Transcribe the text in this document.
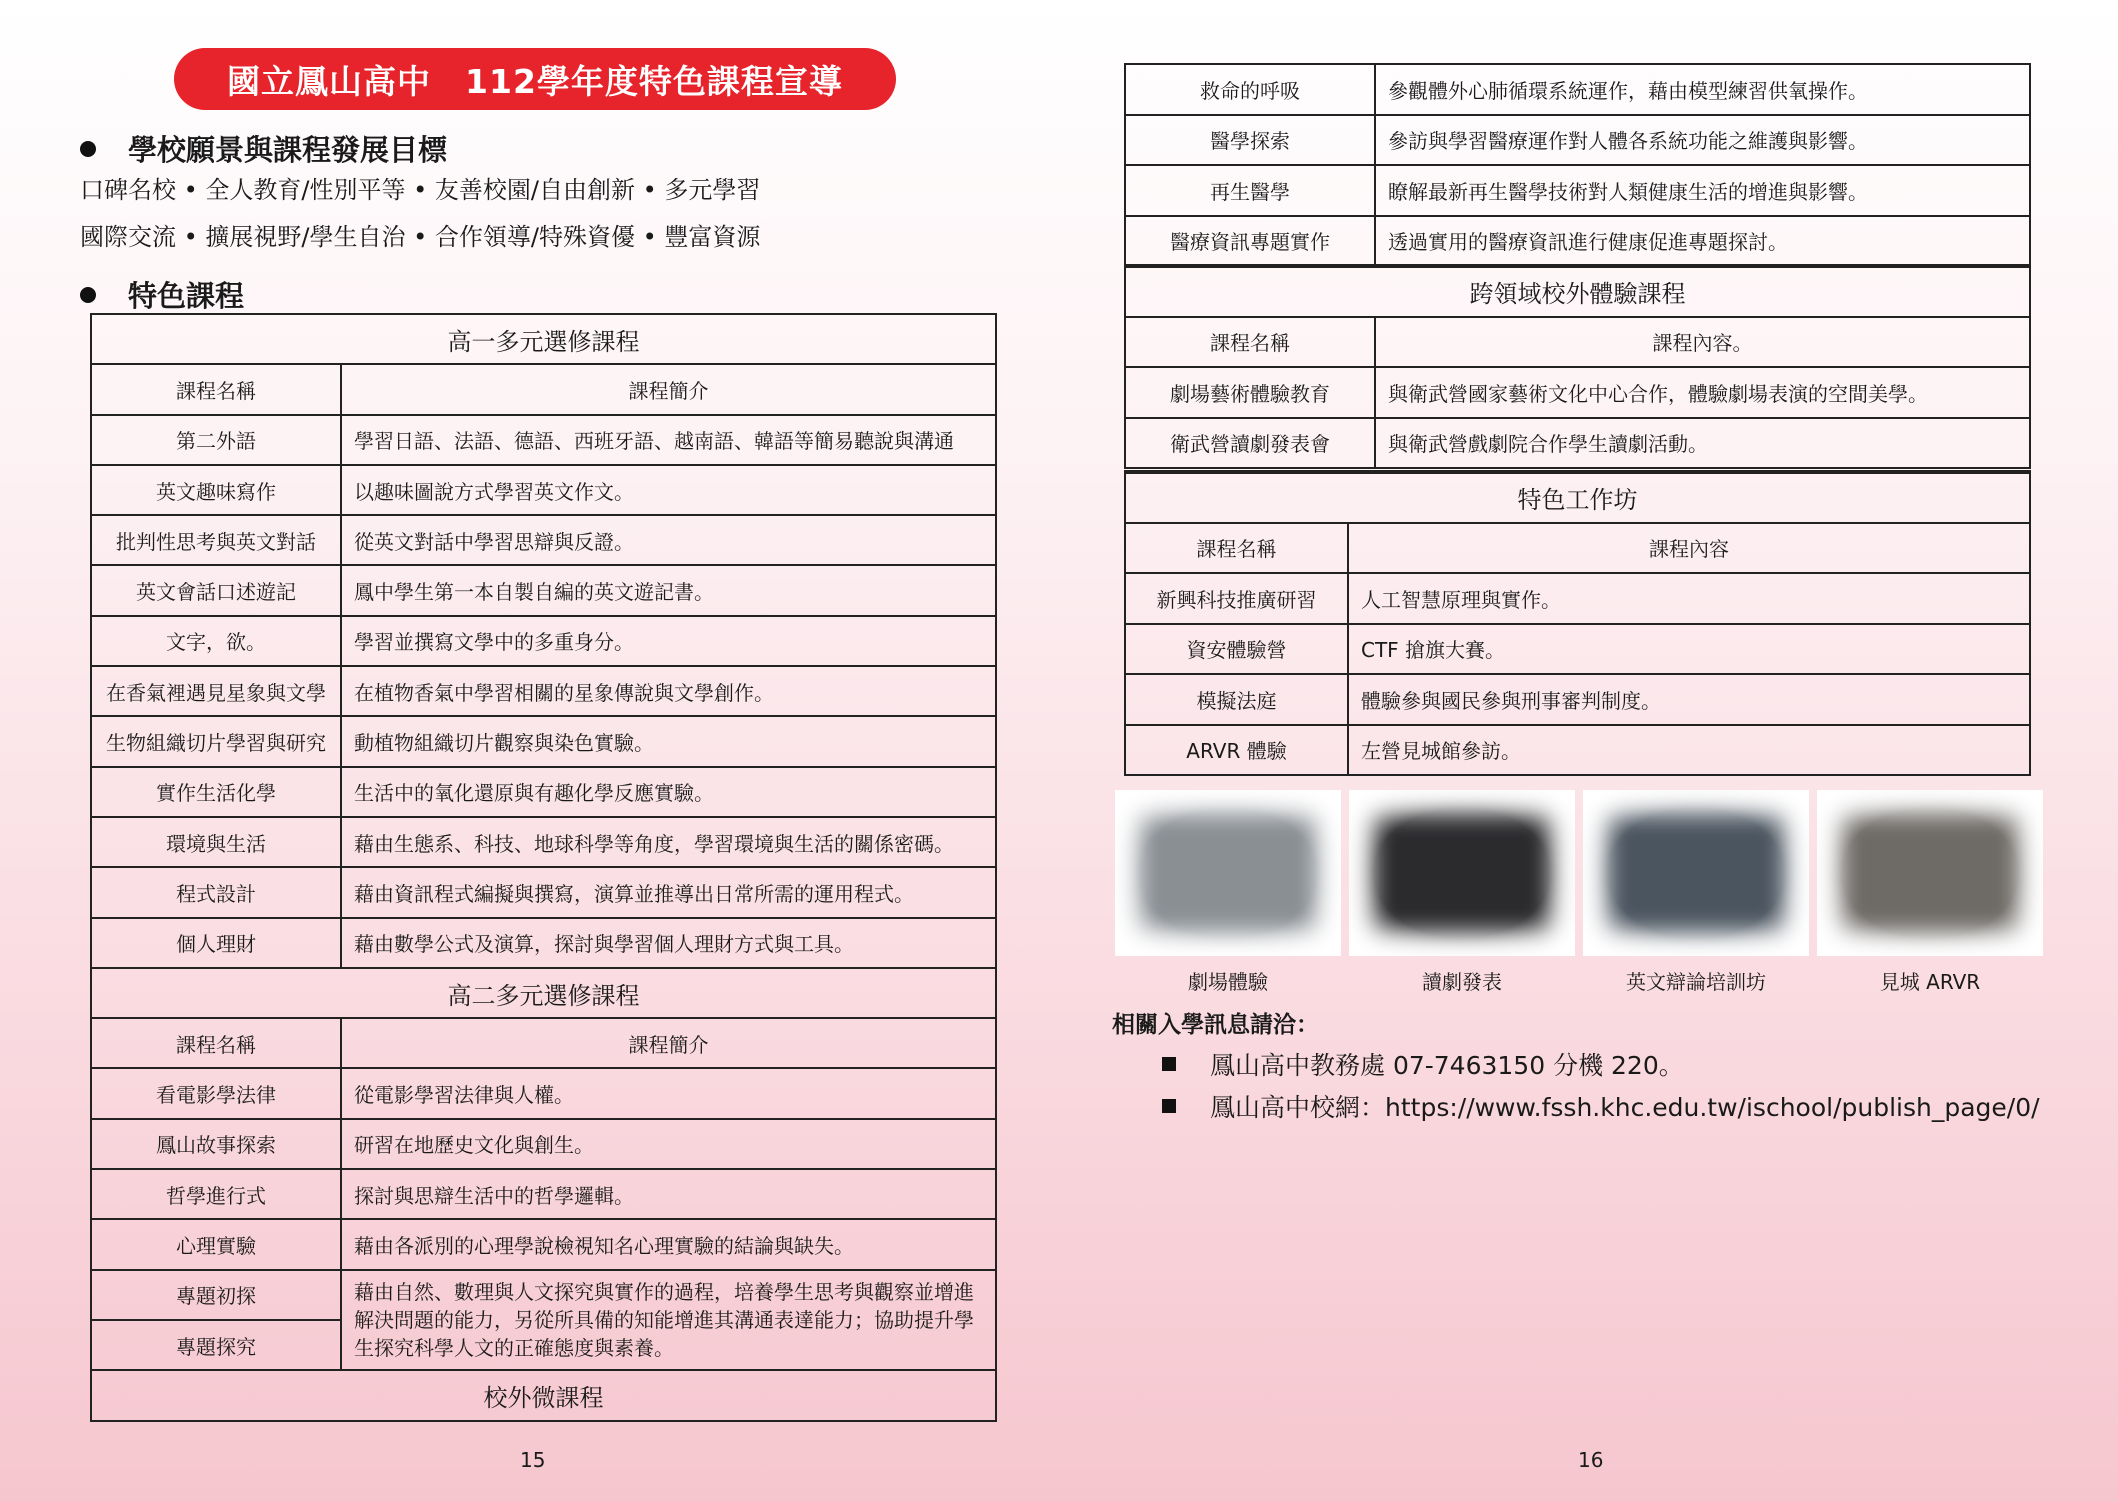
國立鳳山高中　112學年度特色課程宣導
學校願景與課程發展目標
口碑名校 • 全人教育/性別平等 • 友善校園/自由創新 • 多元學習
國際交流 • 擴展視野/學生自治 • 合作領導/特殊資優 • 豐富資源
特色課程
高一多元選修課程	
課程名稱	課程簡介
第二外語	學習日語、法語、德語、西班牙語、越南語、韓語等簡易聽說與溝通
英文趣味寫作	以趣味圖說方式學習英文作文。
批判性思考與英文對話	從英文對話中學習思辯與反證。
英文會話口述遊記	鳳中學生第一本自製自編的英文遊記書。
文字，欲。	學習並撰寫文學中的多重身分。
在香氣裡遇見星象與文學	在植物香氣中學習相關的星象傳說與文學創作。
生物組織切片學習與研究	動植物組織切片觀察與染色實驗。
實作生活化學	生活中的氧化還原與有趣化學反應實驗。
環境與生活	藉由生態系、科技、地球科學等角度，學習環境與生活的關係密碼。
程式設計	藉由資訊程式編擬與撰寫，演算並推導出日常所需的運用程式。
個人理財	藉由數學公式及演算，探討與學習個人理財方式與工具。
高二多元選修課程	
課程名稱	課程簡介
看電影學法律	從電影學習法律與人權。
鳳山故事探索	研習在地歷史文化與創生。
哲學進行式	探討與思辯生活中的哲學邏輯。
心理實驗	藉由各派別的心理學說檢視知名心理實驗的結論與缺失。
專題初探	藉由自然、數理與人文探究與實作的過程，培養學生思考與觀察並增進解決問題的能力，另從所具備的知能增進其溝通表達能力；協助提升學生探究科學人文的正確態度與素養。
專題探究	
校外微課程	
15
救命的呼吸	參觀體外心肺循環系統運作，藉由模型練習供氧操作。
醫學探索	參訪與學習醫療運作對人體各系統功能之維護與影響。
再生醫學	瞭解最新再生醫學技術對人類健康生活的增進與影響。
醫療資訊專題實作	透過實用的醫療資訊進行健康促進專題探討。
跨領域校外體驗課程	
課程名稱	課程內容。
劇場藝術體驗教育	與衛武營國家藝術文化中心合作，體驗劇場表演的空間美學。
衛武營讀劇發表會	與衛武營戲劇院合作學生讀劇活動。
特色工作坊	
課程名稱	課程內容
新興科技推廣研習	人工智慧原理與實作。
資安體驗營	CTF 搶旗大賽。
模擬法庭	體驗參與國民參與刑事審判制度。
ARVR 體驗	左營見城館參訪。
劇場體驗	讀劇發表	英文辯論培訓坊	見城 ARVR
相關入學訊息請洽：
鳳山高中教務處 07-7463150 分機 220。
鳳山高中校網：https://www.fssh.khc.edu.tw/ischool/publish_page/0/
16
